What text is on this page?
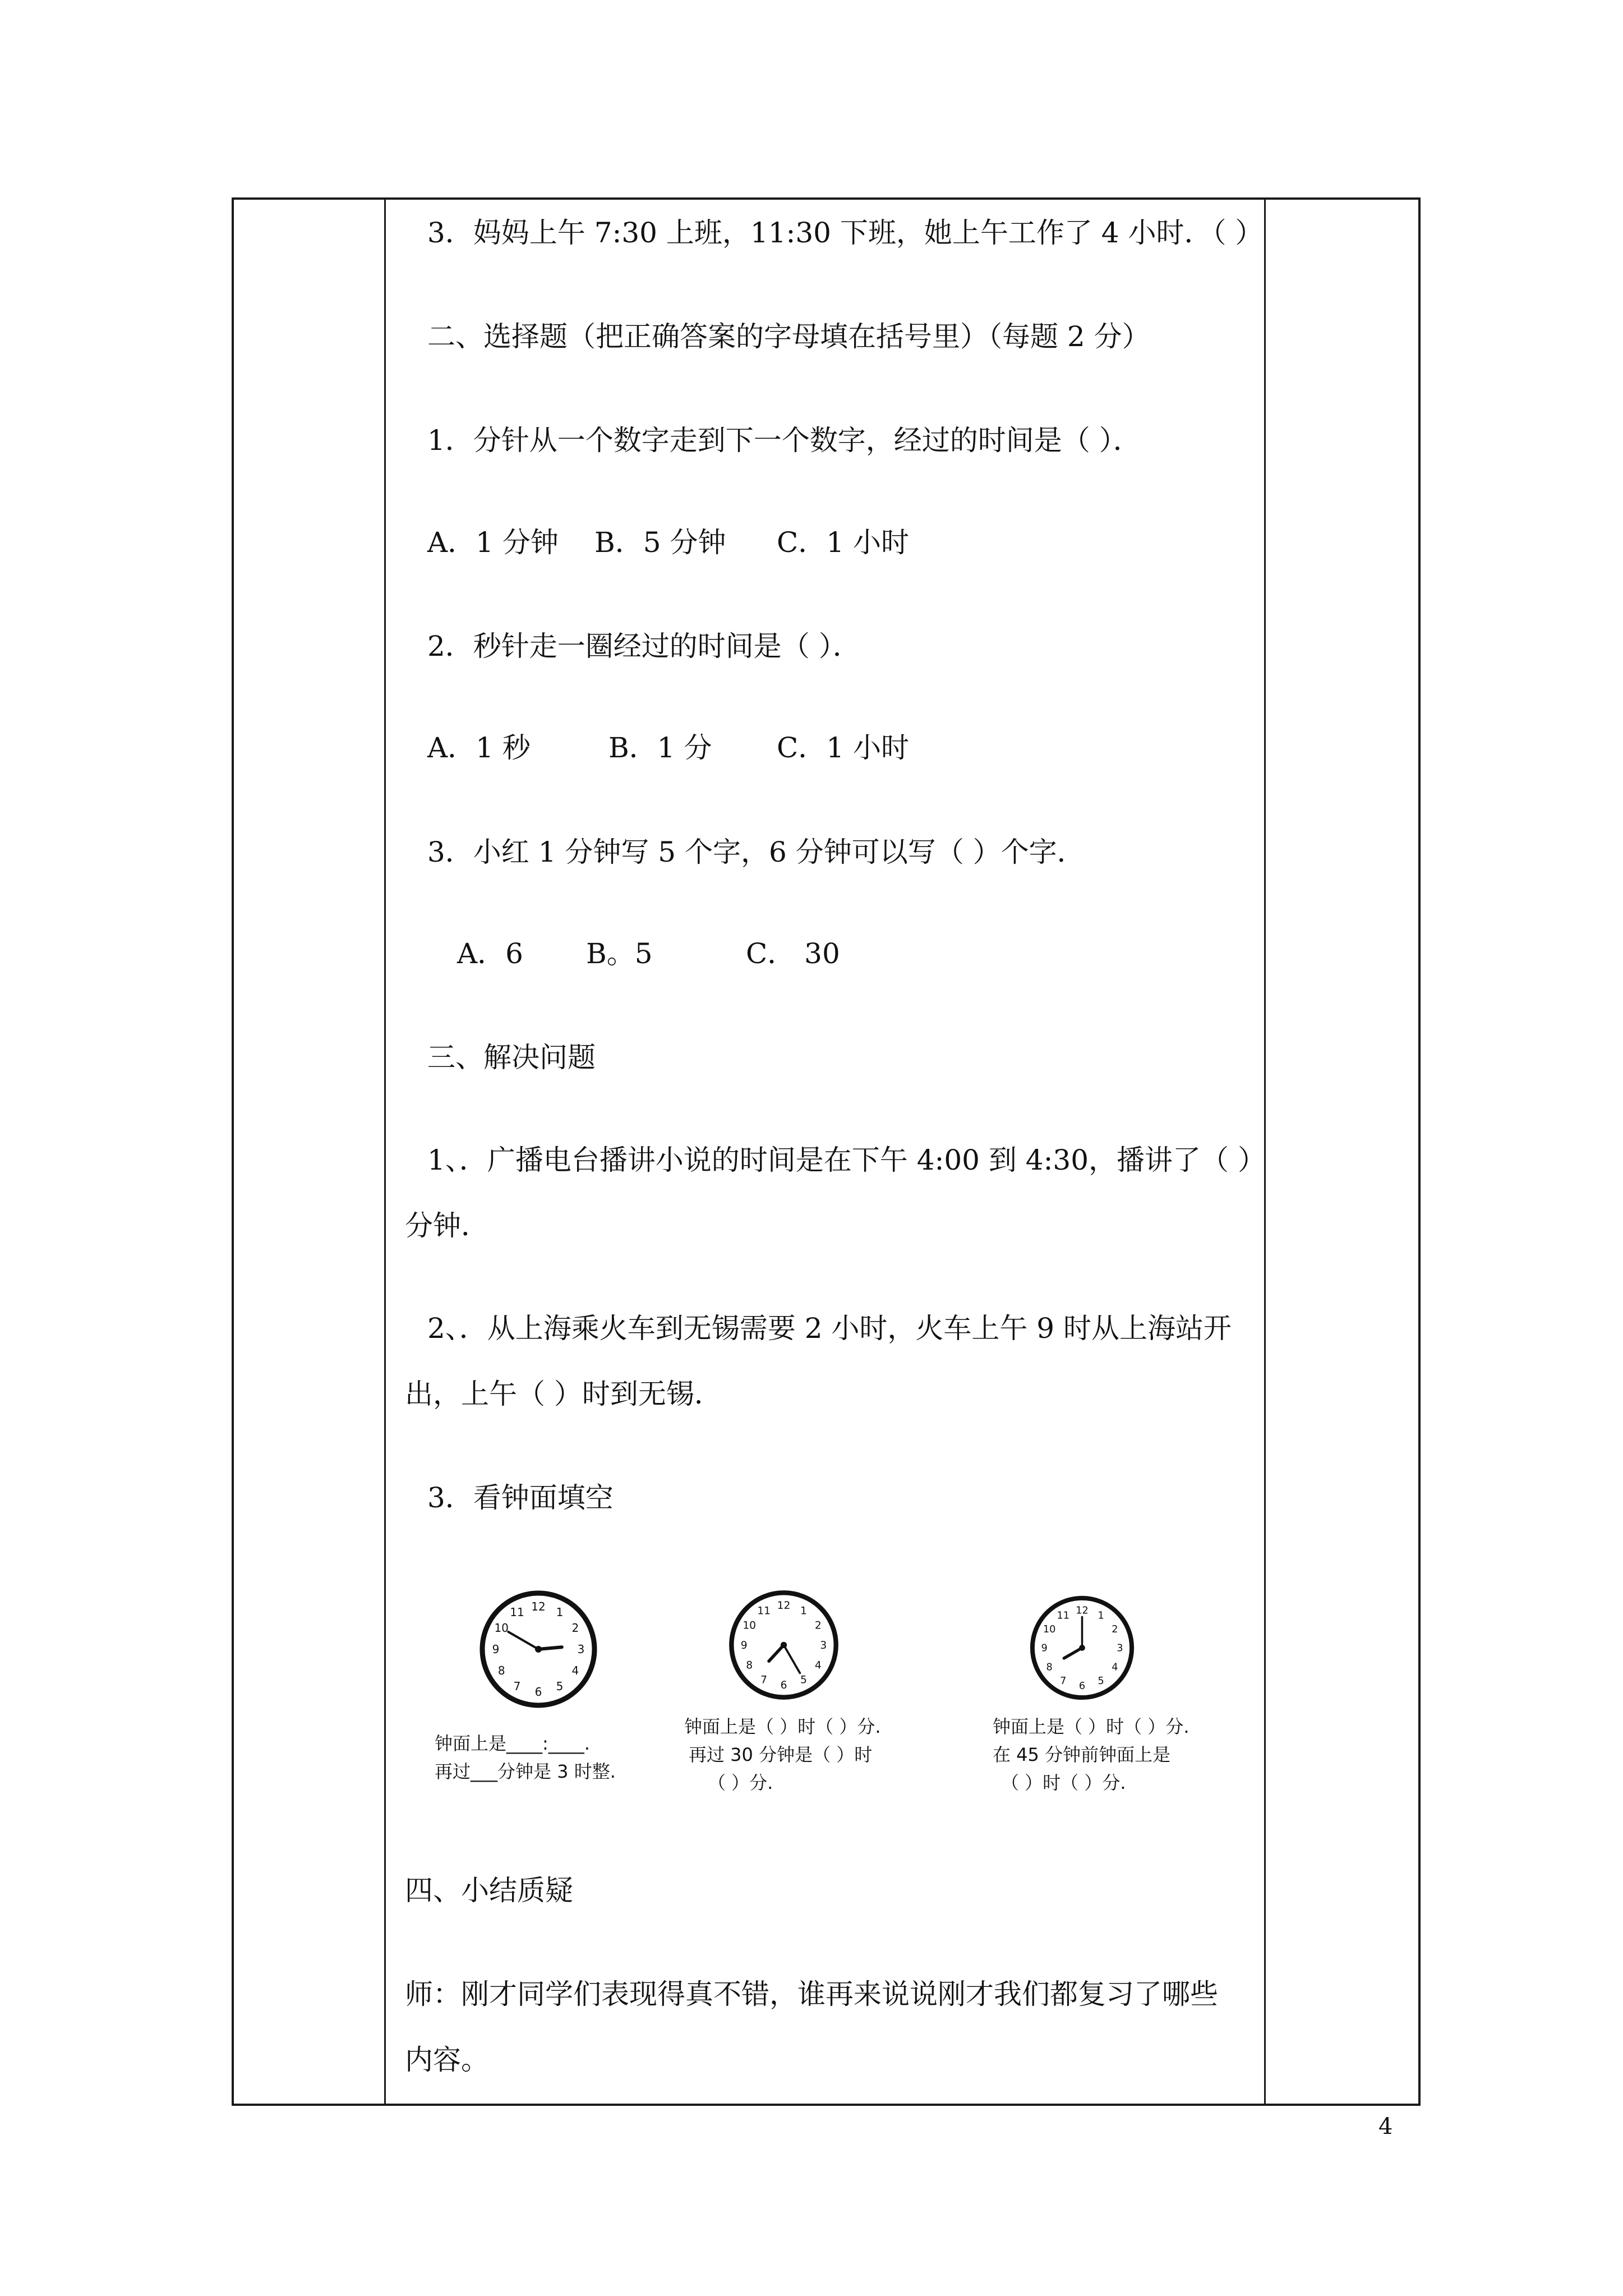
3．妈妈上午 7:30 上班，11:30 下班，她上午工作了 4 小时．（ ）
二、选择题（把正确答案的字母填在括号里）（每题 2 分）
1．分针从一个数字走到下一个数字，经过的时间是（ ）．
A．1 分钟 B．5 分钟 C．1 小时
2．秒针走一圈经过的时间是（ ）．
A．1 秒	B．1 分 C．1 小时
3．小红 1 分钟写 5 个字，6 分钟可以写（ ）个字．
A．6 B。5	C． 30
三、解决问题
1、．广播电台播讲小说的时间是在下午 4:00 到 4:30，播讲了（ ）
分钟．
2、．从上海乘火车到无锡需要 2 小时，火车上午 9 时从上海站开
出，上午（ ）时到无锡．
3．看钟面填空
12 1
2
3
4
5
6
7
8
9
10
11
钟面上是____:____.
再过___分钟是 3 时整.
12 1
2
3
4
5
6
7
8
9
10
11
钟面上是（ ）时（ ）分.
再过 30 分钟是（ ）时
（ ）分.
12 1
2
3
4
5
6
7
8
9
10
11
钟面上是（ ）时（ ）分.
在 45 分钟前钟面上是
（ ）时（ ）分.
四、小结质疑
师：刚才同学们表现得真不错，谁再来说说刚才我们都复习了哪些
内容。
4
